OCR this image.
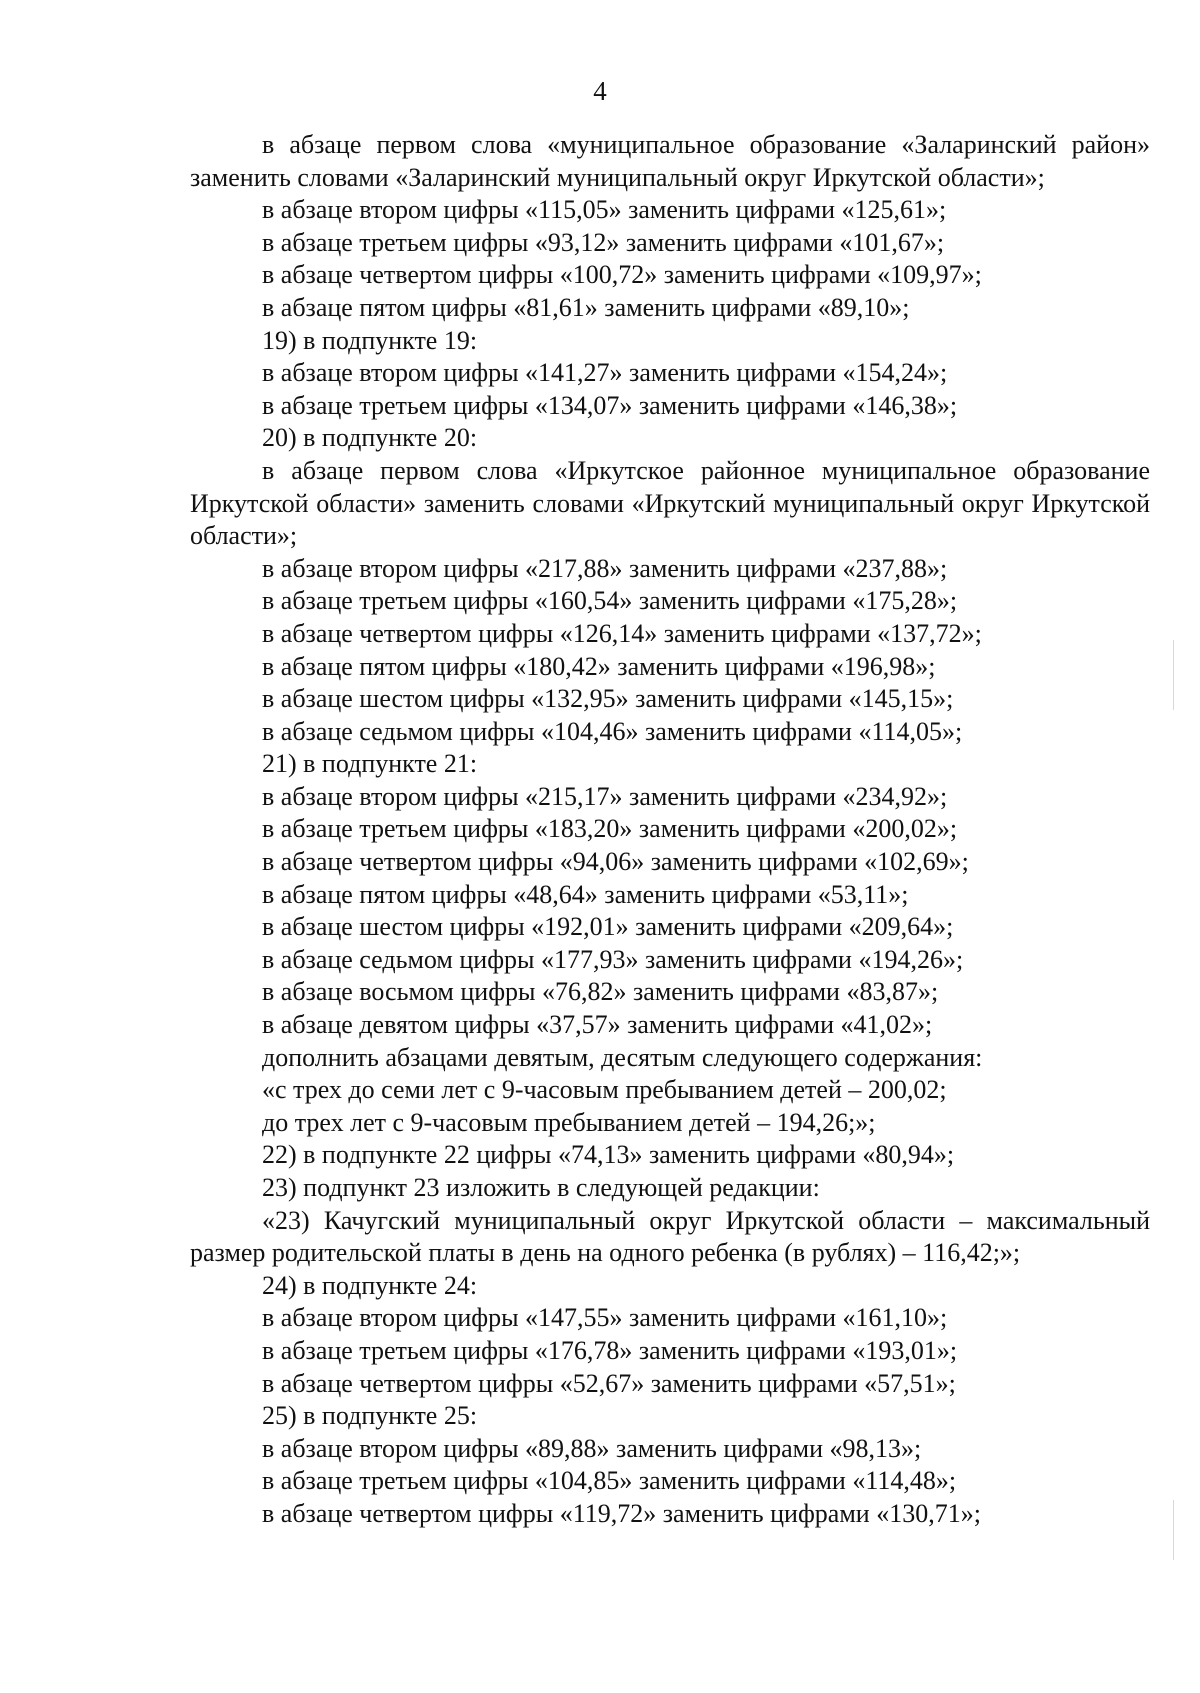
4

в абзаце первом слова «муниципальное образование «Заларинский район» заменить словами «Заларинский муниципальный округ Иркутской области»;

в абзаце втором цифры «115,05» заменить цифрами «125,61»;

в абзаце третьем цифры «93,12» заменить цифрами «101,67»;

в абзаце четвертом цифры «100,72» заменить цифрами «109,97»;

в абзаце пятом цифры «81,61» заменить цифрами «89,10»;

19) в подпункте 19:

в абзаце втором цифры «141,27» заменить цифрами «154,24»;

в абзаце третьем цифры «134,07» заменить цифрами «146,38»;

20) в подпункте 20:

в абзаце первом слова «Иркутское районное муниципальное образование Иркутской области» заменить словами «Иркутский муниципальный округ Иркутской области»;

в абзаце втором цифры «217,88» заменить цифрами «237,88»;

в абзаце третьем цифры «160,54» заменить цифрами «175,28»;

в абзаце четвертом цифры «126,14» заменить цифрами «137,72»;

в абзаце пятом цифры «180,42» заменить цифрами «196,98»;

в абзаце шестом цифры «132,95» заменить цифрами «145,15»;

в абзаце седьмом цифры «104,46» заменить цифрами «114,05»;

21) в подпункте 21:

в абзаце втором цифры «215,17» заменить цифрами «234,92»;

в абзаце третьем цифры «183,20» заменить цифрами «200,02»;

в абзаце четвертом цифры «94,06» заменить цифрами «102,69»;

в абзаце пятом цифры «48,64» заменить цифрами «53,11»;

в абзаце шестом цифры «192,01» заменить цифрами «209,64»;

в абзаце седьмом цифры «177,93» заменить цифрами «194,26»;

в абзаце восьмом цифры «76,82» заменить цифрами «83,87»;

в абзаце девятом цифры «37,57» заменить цифрами «41,02»;

дополнить абзацами девятым, десятым следующего содержания:

«с трех до семи лет с 9-часовым пребыванием детей – 200,02;

до трех лет с 9-часовым пребыванием детей – 194,26;»;

22) в подпункте 22 цифры «74,13» заменить цифрами «80,94»;

23) подпункт 23 изложить в следующей редакции:

«23) Качугский муниципальный округ Иркутской области – максимальный размер родительской платы в день на одного ребенка (в рублях) – 116,42;»;

24) в подпункте 24:

в абзаце втором цифры «147,55» заменить цифрами «161,10»;

в абзаце третьем цифры «176,78» заменить цифрами «193,01»;

в абзаце четвертом цифры «52,67» заменить цифрами «57,51»;

25) в подпункте 25:

в абзаце втором цифры «89,88» заменить цифрами «98,13»;

в абзаце третьем цифры «104,85» заменить цифрами «114,48»;

в абзаце четвертом цифры «119,72» заменить цифрами «130,71»;
